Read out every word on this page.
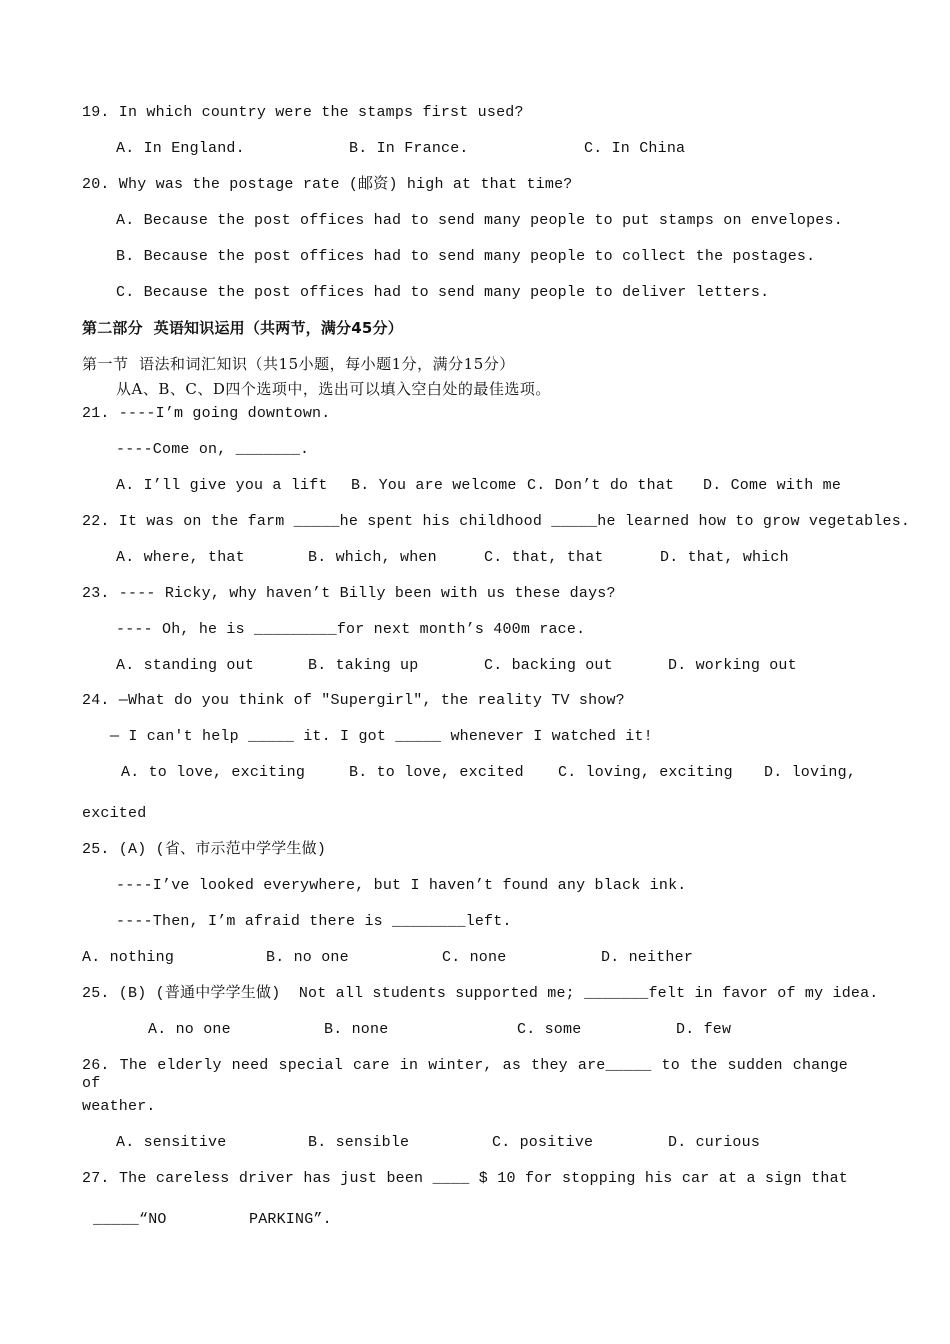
19. In which country were the stamps first used?
A. In England.	B. In France.	C. In China
20. Why was the postage rate (邮资) high at that time?
A. Because the post offices had to send many people to put stamps on envelopes.
B. Because the post offices had to send many people to collect the postages.
C. Because the post offices had to send many people to deliver letters.
第二部分  英语知识运用（共两节，满分45分）
第一节  语法和词汇知识（共15小题，每小题1分，满分15分）
从A、B、C、D四个选项中，选出可以填入空白处的最佳选项。
21. ----I’m going downtown.
----Come on, _______.
A. I’ll give you a lift B. You are welcome C. Don’t do that D. Come with me
22. It was on the farm _____he spent his childhood _____he learned how to grow vegetables.
A. where, that	B. which, when	C. that, that	D. that, which
23. ---- Ricky, why haven’t Billy been with us these days?
---- Oh, he is _________for next month’s 400m race.
A. standing out	B. taking up	C. backing out	D. working out
24. —What do you think of "Supergirl", the reality TV show?
— I can't help _____ it. I got _____ whenever I watched it!
A. to love, exciting	B. to love, excited C. loving, exciting D. loving,
excited
25. (A) (省、市示范中学学生做)
----I’ve looked everywhere, but I haven’t found any black ink.
----Then, I’m afraid there is ________left.
A. nothing	B. no one	C. none	D. neither
25. (B) (普通中学学生做)  Not all students supported me; _______felt in favor of my idea.
A. no one	B. none	C. some	D. few
26. The elderly need special care in winter, as they are_____ to the sudden change of
weather.
A. sensitive	B. sensible	C. positive	D. curious
27. The careless driver has just been ____ $ 10 for stopping his car at a sign that
_____“NO	PARKING”.
